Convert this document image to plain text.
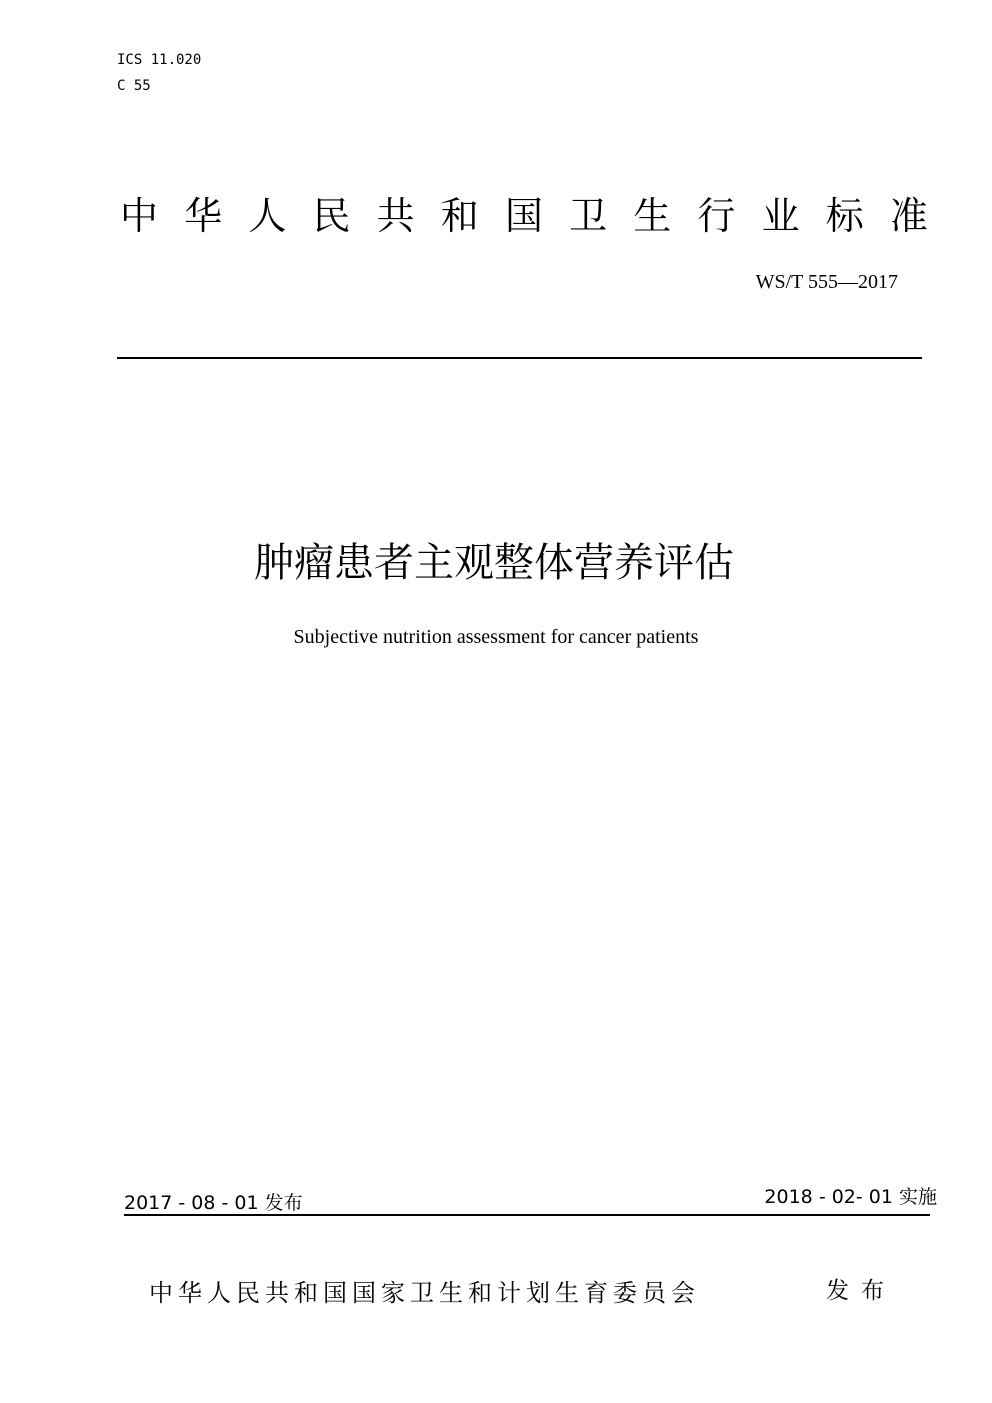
ICS 11.020
C 55
中 华 人 民 共 和 国 卫 生 行 业 标 准
WS/T 555—2017
肿瘤患者主观整体营养评估
Subjective nutrition assessment for cancer patients
2017 - 08 - 01 发布	2018 - 02- 01 实施
中华人民共和国国家卫生和计划生育委员会	发布
